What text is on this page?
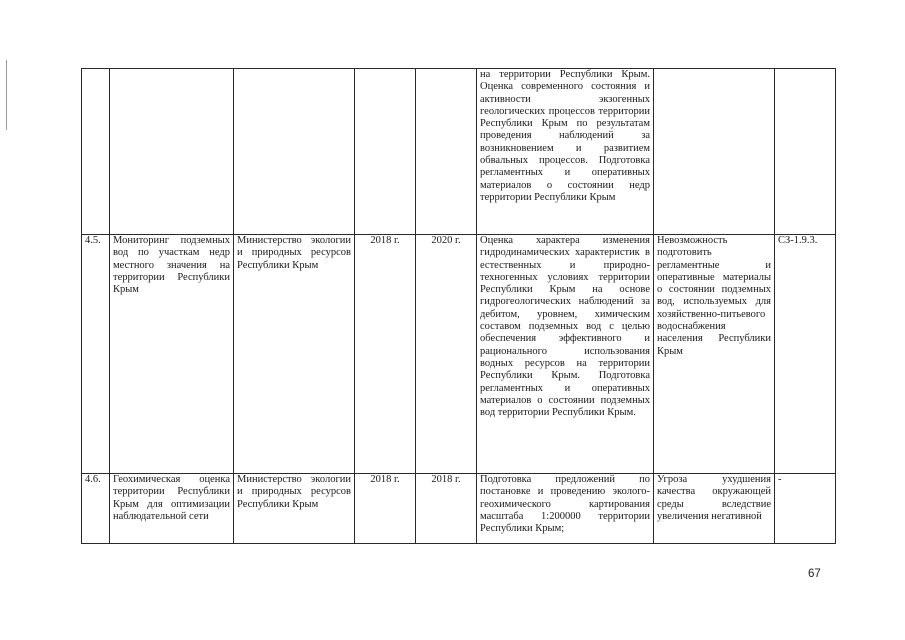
					на территории Республики Крым. Оценка современного состояния и активности экзогенных геологических процессов территории Республики Крым по результатам проведения наблюдений за возникновением и развитием обвальных процессов. Подготовка регламентных и оперативных материалов о состоянии недр территории Республики Крым		
4.5.	Мониторинг подземных вод по участкам недр местного значения на территории Республики Крым	Министерство экологии и природных ресурсов Республики Крым	2018 г.	2020 г.	Оценка характера изменения гидродинамических характеристик в естественных и природно-техногенных условиях территории Республики Крым на основе гидрогеологических наблюдений за дебитом, уровнем, химическим составом подземных вод с целью обеспечения эффективного и рационального использования водных ресурсов на территории Республики Крым. Подготовка регламентных и оперативных материалов о состоянии подземных вод территории Республики Крым.	Невозможность подготовить регламентные и оперативные материалы о состоянии подземных вод, используемых для хозяйственно-питьевого водоснабжения населения Республики Крым	СЗ-1.9.3.
4.6.	Геохимическая оценка территории Республики Крым для оптимизации наблюдательной сети	Министерство экологии и природных ресурсов Республики Крым	2018 г.	2018 г.	Подготовка предложений по постановке и проведению эколого-геохимического картирования масштаба 1:200000 территории Республики Крым;	Угроза ухудшения качества окружающей среды вследствие увеличения негативной	-
67
